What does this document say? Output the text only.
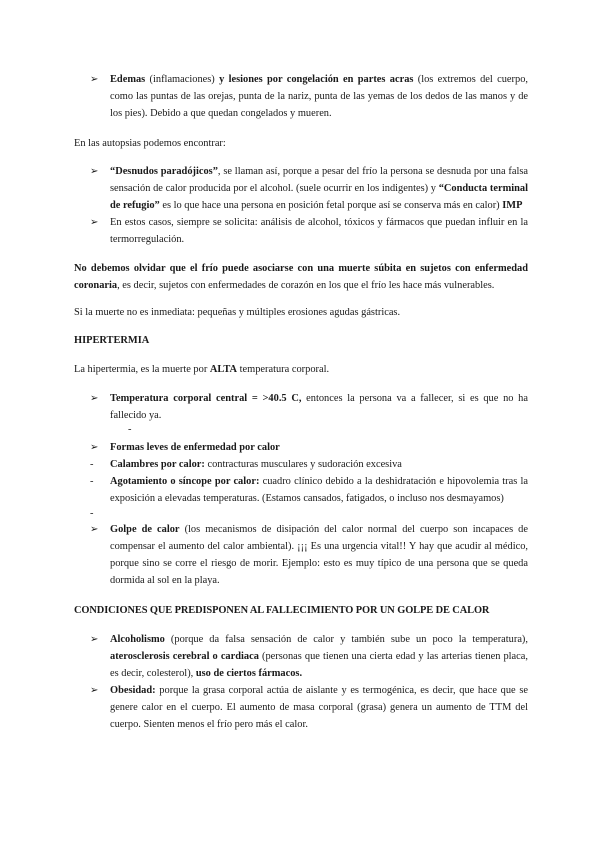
➢	Edemas (inflamaciones) y lesiones por congelación en partes acras (los extremos del cuerpo, como las puntas de las orejas, punta de la nariz, punta de las yemas de los dedos de las manos y de los pies). Debido a que quedan congelados y mueren.

En las autopsias podemos encontrar:

➢	“Desnudos paradójicos”, se llaman así, porque a pesar del frío la persona se desnuda por una falsa sensación de calor producida por el alcohol. (suele ocurrir en los indigentes) y “Conducta terminal de refugio” es lo que hace una persona en posición fetal porque así se conserva más en calor) IMP
➢	En estos casos, siempre se solicita: análisis de alcohol, tóxicos y fármacos que puedan influir en la termorregulación.

No debemos olvidar que el frío puede asociarse con una muerte súbita en sujetos con enfermedad coronaria, es decir, sujetos con enfermedades de corazón en los que el frío les hace más vulnerables.

Si la muerte no es inmediata: pequeñas y múltiples erosiones agudas gástricas.

HIPERTERMIA

La hipertermia, es la muerte por ALTA temperatura corporal.

➢	Temperatura corporal central = >40.5 C, entonces la persona va a fallecer, si es que no ha fallecido ya.
-
➢	Formas leves de enfermedad por calor
- Calambres por calor: contracturas musculares y sudoración excesiva
- Agotamiento o síncope por calor: cuadro clínico debido a la deshidratación e hipovolemia tras la exposición a elevadas temperaturas. (Estamos cansados, fatigados, o incluso nos desmayamos)
-
➢	Golpe de calor (los mecanismos de disipación del calor normal del cuerpo son incapaces de compensar el aumento del calor ambiental). ¡¡¡ Es una urgencia vital!! Y hay que acudir al médico, porque sino se corre el riesgo de morir. Ejemplo: esto es muy típico de una persona que se queda dormida al sol en la playa.

CONDICIONES QUE PREDISPONEN AL FALLECIMIENTO POR UN GOLPE DE CALOR

➢	Alcoholismo (porque da falsa sensación de calor y también sube un poco la temperatura), aterosclerosis cerebral o cardiaca (personas que tienen una cierta edad y las arterias tienen placa, es decir, colesterol), uso de ciertos fármacos.
➢	Obesidad: porque la grasa corporal actúa de aislante y es termogénica, es decir, que hace que se genere calor en el cuerpo. El aumento de masa corporal (grasa) genera un aumento de TTM del cuerpo. Sienten menos el frío pero más el calor.
